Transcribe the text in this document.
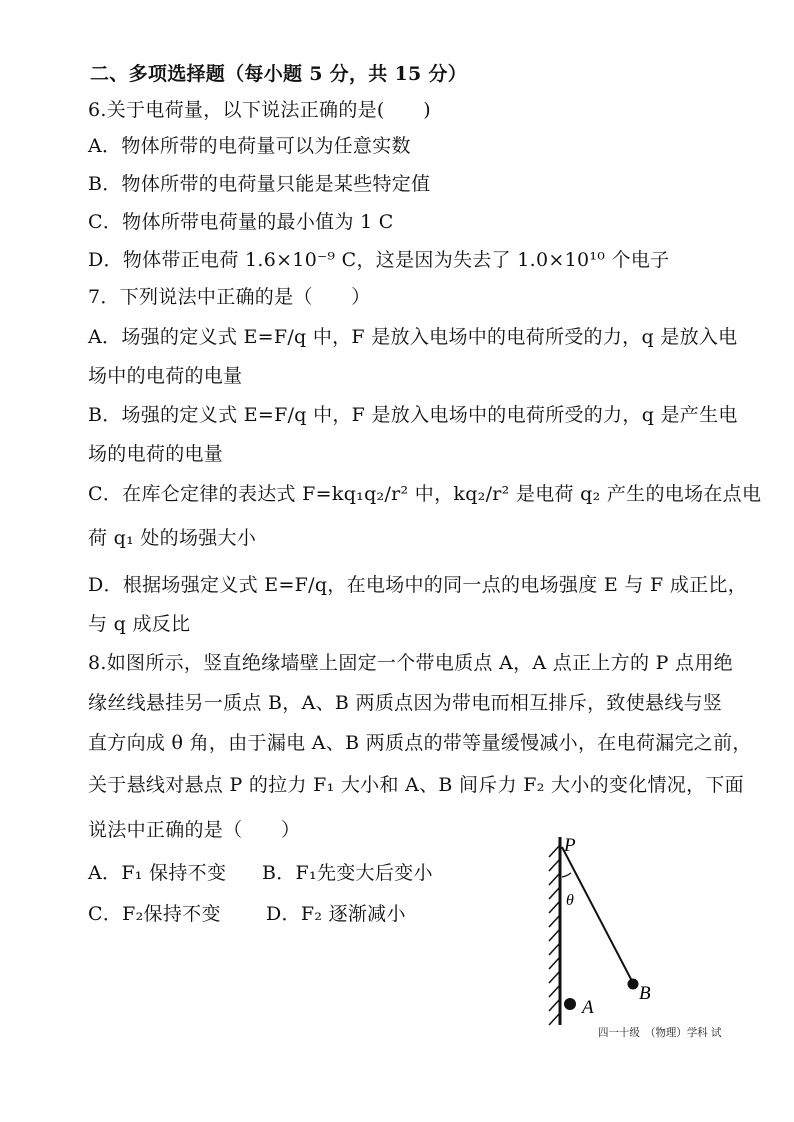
二、多项选择题（每小题 5 分，共 15 分）
6.关于电荷量，以下说法正确的是(　　)
A．物体所带的电荷量可以为任意实数
B．物体所带的电荷量只能是某些特定值
C．物体所带电荷量的最小值为 1 C
D．物体带正电荷 1.6×10⁻⁹ C，这是因为失去了 1.0×10¹⁰ 个电子
7．下列说法中正确的是（　　）
A．场强的定义式 E=F/q 中，F 是放入电场中的电荷所受的力，q 是放入电
场中的电荷的电量
B．场强的定义式 E=F/q 中，F 是放入电场中的电荷所受的力，q 是产生电
场的电荷的电量
C．在库仑定律的表达式 F=kq₁q₂/r² 中，kq₂/r² 是电荷 q₂ 产生的电场在点电
荷 q₁ 处的场强大小
D．根据场强定义式 E=F/q，在电场中的同一点的电场强度 E 与 F 成正比，
与 q 成反比
8.如图所示，竖直绝缘墙壁上固定一个带电质点 A，A 点正上方的 P 点用绝
缘丝线悬挂另一质点 B，A、B 两质点因为带电而相互排斥，致使悬线与竖
直方向成 θ 角，由于漏电 A、B 两质点的带等量缓慢减小，在电荷漏完之前，
关于悬线对悬点 P 的拉力 F₁ 大小和 A、B 间斥力 F₂ 大小的变化情况，下面
说法中正确的是（　　）
A．F₁ 保持不变 B．F₁先变大后变小
C．F₂保持不变 D．F₂ 逐渐减小
P
θ
A
B
四一十级　（物理）学科 试
